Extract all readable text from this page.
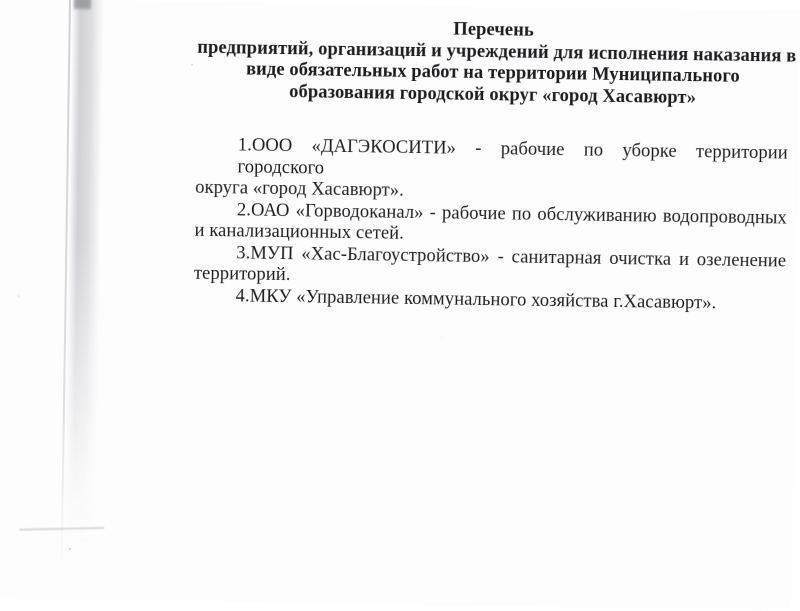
Перечень
предприятий, организаций и учреждений для исполнения наказания в
виде обязательных работ на территории Муниципального
образования городской округ «город Хасавюрт»
1.ООО «ДАГЭКОСИТИ» - рабочие по уборке территории городского
округа «город Хасавюрт».
2.ОАО «Горводоканал» - рабочие по обслуживанию водопроводных
и канализационных сетей.
3.МУП «Хас-Благоустройство» - санитарная очистка и озеленение
территорий.
4.МКУ «Управление коммунального хозяйства г.Хасавюрт».
